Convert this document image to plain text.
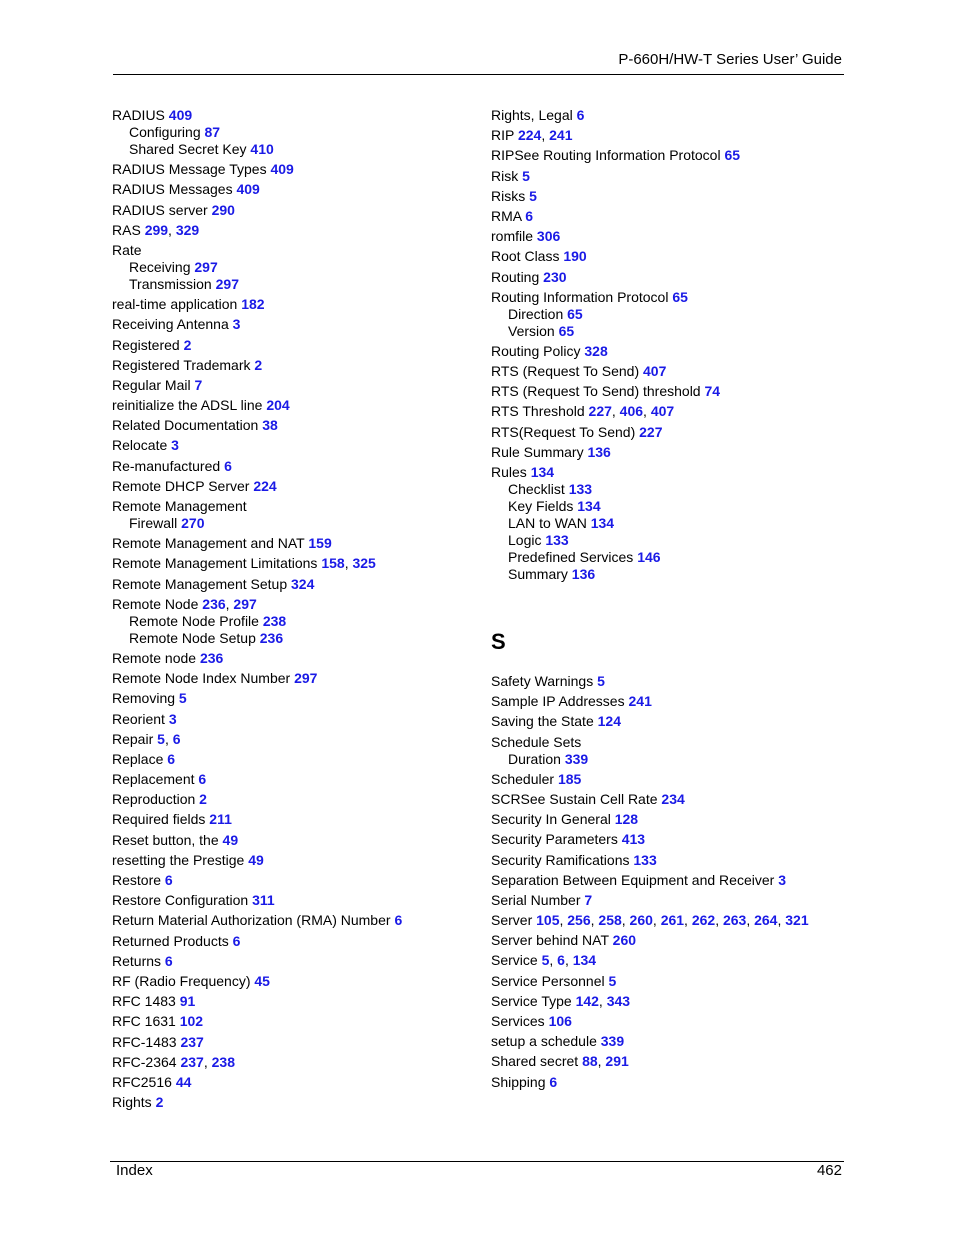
P-660H/HW-T Series User’ Guide
RADIUS 409
Configuring 87
Shared Secret Key 410
RADIUS Message Types 409
RADIUS Messages 409
RADIUS server 290
RAS 299, 329
Rate
Receiving 297
Transmission 297
real-time application 182
Receiving Antenna 3
Registered 2
Registered Trademark 2
Regular Mail 7
reinitialize the ADSL line 204
Related Documentation 38
Relocate 3
Re-manufactured 6
Remote DHCP Server 224
Remote Management
Firewall 270
Remote Management and NAT 159
Remote Management Limitations 158, 325
Remote Management Setup 324
Remote Node 236, 297
Remote Node Profile 238
Remote Node Setup 236
Remote node 236
Remote Node Index Number 297
Removing 5
Reorient 3
Repair 5, 6
Replace 6
Replacement 6
Reproduction 2
Required fields 211
Reset button, the 49
resetting the Prestige 49
Restore 6
Restore Configuration 311
Return Material Authorization (RMA) Number 6
Returned Products 6
Returns 6
RF (Radio Frequency) 45
RFC 1483 91
RFC 1631 102
RFC-1483 237
RFC-2364 237, 238
RFC2516 44
Rights 2
Rights, Legal 6
RIP 224, 241
RIPSee Routing Information Protocol 65
Risk 5
Risks 5
RMA 6
romfile 306
Root Class 190
Routing 230
Routing Information Protocol 65
Direction 65
Version 65
Routing Policy 328
RTS (Request To Send) 407
RTS (Request To Send) threshold 74
RTS Threshold 227, 406, 407
RTS(Request To Send) 227
Rule Summary 136
Rules 134
Checklist 133
Key Fields 134
LAN to WAN 134
Logic 133
Predefined Services 146
Summary 136
S
Safety Warnings 5
Sample IP Addresses 241
Saving the State 124
Schedule Sets
Duration 339
Scheduler 185
SCRSee Sustain Cell Rate 234
Security In General 128
Security Parameters 413
Security Ramifications 133
Separation Between Equipment and Receiver 3
Serial Number 7
Server 105, 256, 258, 260, 261, 262, 263, 264, 321
Server behind NAT 260
Service 5, 6, 134
Service Personnel 5
Service Type 142, 343
Services 106
setup a schedule 339
Shared secret 88, 291
Shipping 6
Index	462
